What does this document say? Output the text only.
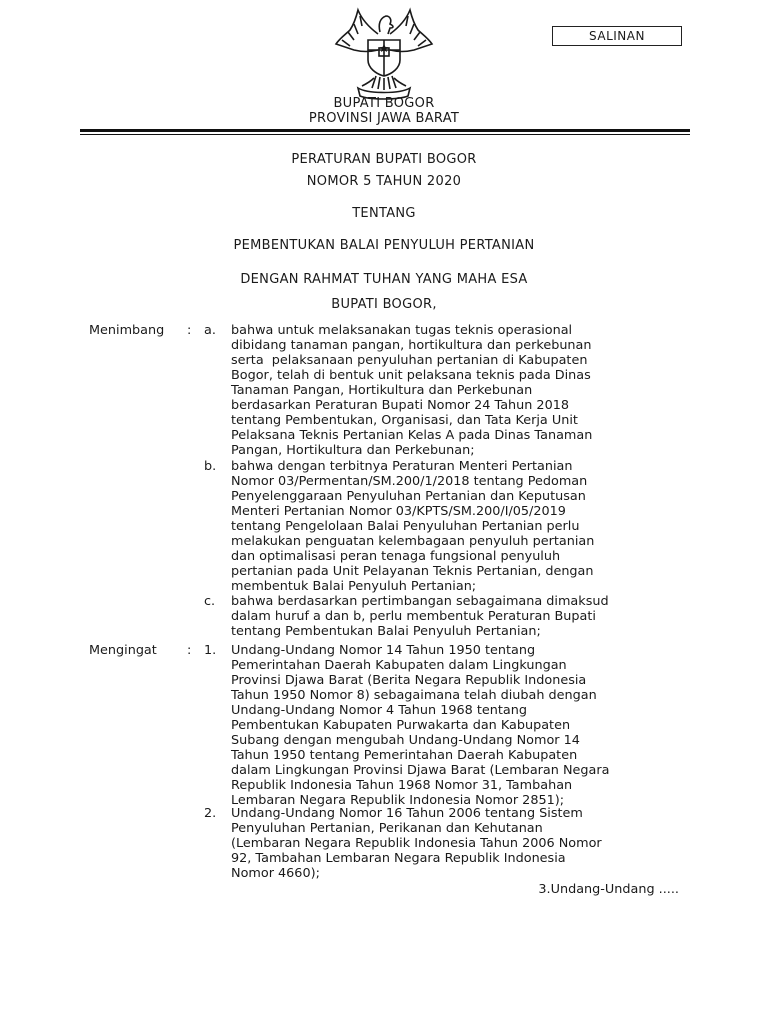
SALINAN
BUPATI BOGOR
PROVINSI JAWA BARAT
PERATURAN BUPATI BOGOR
NOMOR 5 TAHUN 2020
TENTANG
PEMBENTUKAN BALAI PENYULUH PERTANIAN
DENGAN RAHMAT TUHAN YANG MAHA ESA
BUPATI BOGOR,
Menimbang	: a.	bahwa untuk melaksanakan tugas teknis operasional
dibidang tanaman pangan, hortikultura dan perkebunan
serta  pelaksanaan penyuluhan pertanian di Kabupaten
Bogor, telah di bentuk unit pelaksana teknis pada Dinas
Tanaman Pangan, Hortikultura dan Perkebunan
berdasarkan Peraturan Bupati Nomor 24 Tahun 2018
tentang Pembentukan, Organisasi, dan Tata Kerja Unit
Pelaksana Teknis Pertanian Kelas A pada Dinas Tanaman
Pangan, Hortikultura dan Perkebunan;
b.	bahwa dengan terbitnya Peraturan Menteri Pertanian
Nomor 03/Permentan/SM.200/1/2018 tentang Pedoman
Penyelenggaraan Penyuluhan Pertanian dan Keputusan
Menteri Pertanian Nomor 03/KPTS/SM.200/I/05/2019
tentang Pengelolaan Balai Penyuluhan Pertanian perlu
melakukan penguatan kelembagaan penyuluh pertanian
dan optimalisasi peran tenaga fungsional penyuluh
pertanian pada Unit Pelayanan Teknis Pertanian, dengan
membentuk Balai Penyuluh Pertanian;
c.	bahwa berdasarkan pertimbangan sebagaimana dimaksud
dalam huruf a dan b, perlu membentuk Peraturan Bupati
tentang Pembentukan Balai Penyuluh Pertanian;
Mengingat	: 1.	Undang-Undang Nomor 14 Tahun 1950 tentang
Pemerintahan Daerah Kabupaten dalam Lingkungan
Provinsi Djawa Barat (Berita Negara Republik Indonesia
Tahun 1950 Nomor 8) sebagaimana telah diubah dengan
Undang-Undang Nomor 4 Tahun 1968 tentang
Pembentukan Kabupaten Purwakarta dan Kabupaten
Subang dengan mengubah Undang-Undang Nomor 14
Tahun 1950 tentang Pemerintahan Daerah Kabupaten
dalam Lingkungan Provinsi Djawa Barat (Lembaran Negara
Republik Indonesia Tahun 1968 Nomor 31, Tambahan
Lembaran Negara Republik Indonesia Nomor 2851);
2.	Undang-Undang Nomor 16 Tahun 2006 tentang Sistem
Penyuluhan Pertanian, Perikanan dan Kehutanan
(Lembaran Negara Republik Indonesia Tahun 2006 Nomor
92, Tambahan Lembaran Negara Republik Indonesia
Nomor 4660);
3.Undang-Undang .....
